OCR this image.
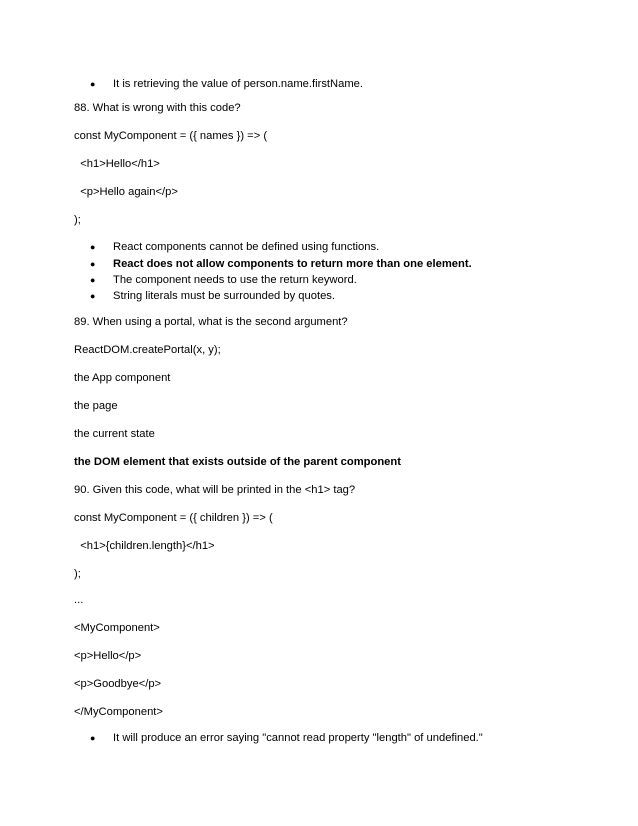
●

It is retrieving the value of person.name.firstName.

88. What is wrong with this code?
const MyComponent = ({ names }) => (
<h1>Hello</h1>
<p>Hello again</p>
);

●

React components cannot be defined using functions.

●

React does not allow components to return more than one element.

●

The component needs to use the return keyword.

●

String literals must be surrounded by quotes.

89. When using a portal, what is the second argument?
ReactDOM.createPortal(x, y);
the App component
the page
the current state
the DOM element that exists outside of the parent component
90. Given this code, what will be printed in the <h1> tag?
const MyComponent = ({ children }) => (
<h1>{children.length}</h1>
);
...
<MyComponent>
<p>Hello</p>
<p>Goodbye</p>
</MyComponent>

●

It will produce an error saying "cannot read property "length" of undefined."
